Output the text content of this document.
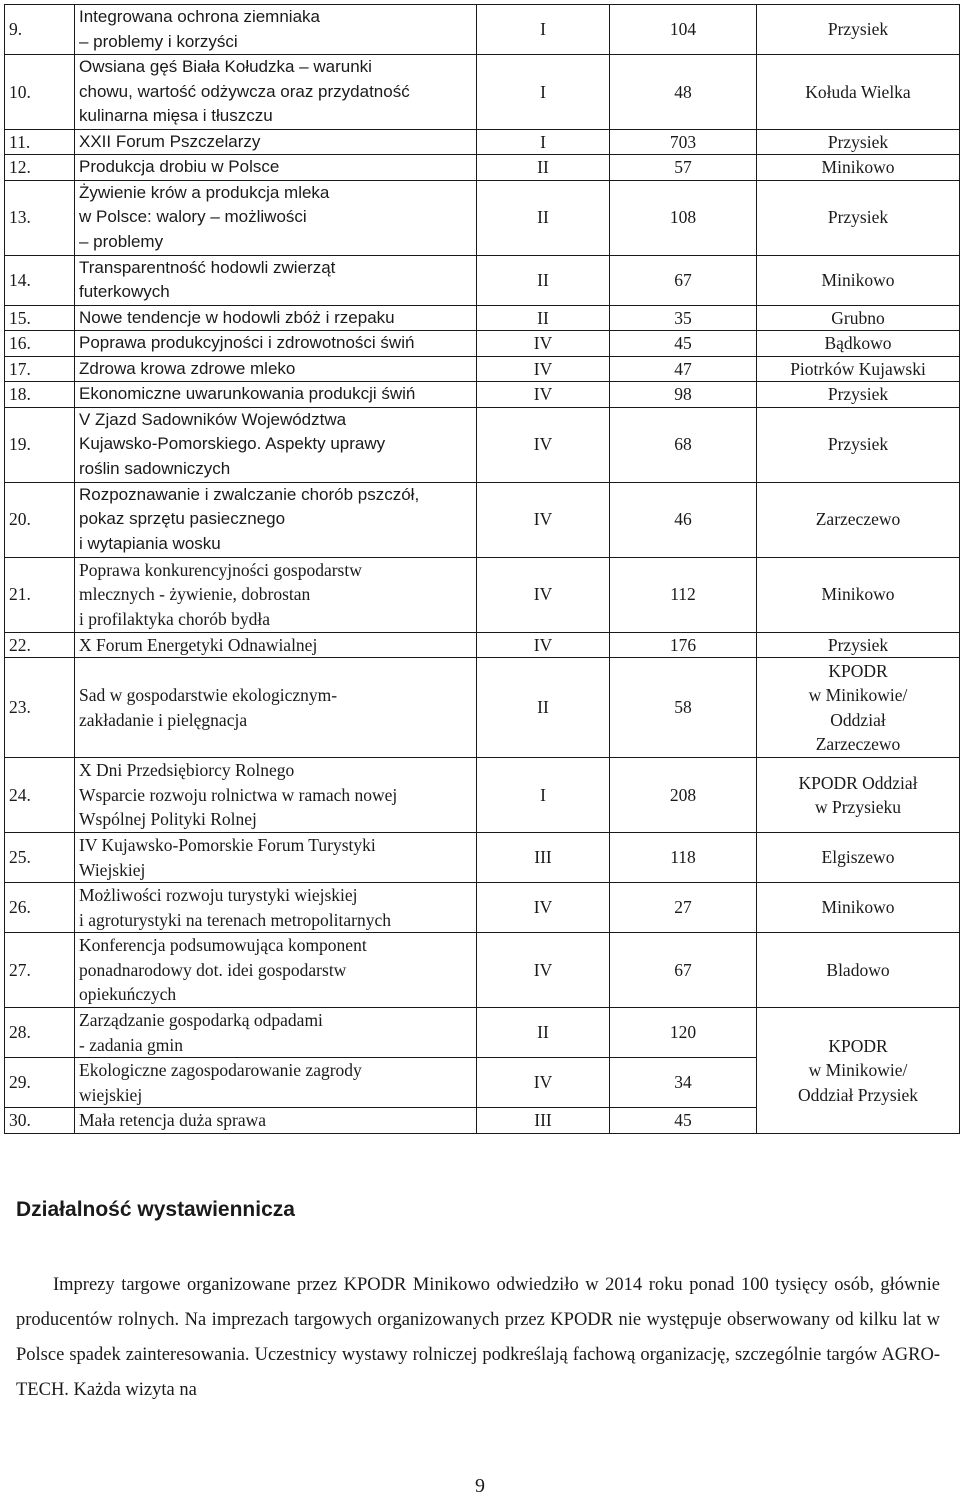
9.	Integrowana ochrona ziemniaka
– problemy i korzyści	I	104	Przysiek
10.	Owsiana gęś Biała Kołudzka – warunki
chowu, wartość odżywcza oraz przydatność
kulinarna mięsa i tłuszczu	I	48	Kołuda Wielka
11.	XXII Forum Pszczelarzy	I	703	Przysiek
12.	Produkcja drobiu w Polsce	II	57	Minikowo
13.	Żywienie krów a produkcja mleka
w Polsce: walory – możliwości
– problemy	II	108	Przysiek
14.	Transparentność hodowli zwierząt
futerkowych	II	67	Minikowo
15.	Nowe tendencje w hodowli zbóż i rzepaku	II	35	Grubno
16.	Poprawa produkcyjności i zdrowotności świń	IV	45	Bądkowo
17.	Zdrowa krowa zdrowe mleko	IV	47	Piotrków Kujawski
18.	Ekonomiczne uwarunkowania produkcji świń	IV	98	Przysiek
19.	V Zjazd Sadowników Województwa
Kujawsko-Pomorskiego. Aspekty uprawy
roślin sadowniczych	IV	68	Przysiek
20.	Rozpoznawanie i zwalczanie chorób pszczół,
pokaz sprzętu pasiecznego
i wytapiania wosku	IV	46	Zarzeczewo
21.	Poprawa konkurencyjności gospodarstw
mlecznych - żywienie, dobrostan
i profilaktyka chorób bydła	IV	112	Minikowo
22.	X Forum Energetyki Odnawialnej	IV	176	Przysiek
23.	Sad w gospodarstwie ekologicznym-
zakładanie i pielęgnacja	II	58	KPODR
w Minikowie/
Oddział
Zarzeczewo
24.	X Dni Przedsiębiorcy Rolnego
Wsparcie rozwoju rolnictwa w ramach nowej
Wspólnej Polityki Rolnej	I	208	KPODR Oddział
w Przysieku
25.	IV Kujawsko-Pomorskie Forum Turystyki
Wiejskiej	III	118	Elgiszewo
26.	Możliwości rozwoju turystyki wiejskiej
i agroturystyki na terenach metropolitarnych	IV	27	Minikowo
27.	Konferencja podsumowująca komponent
ponadnarodowy dot. idei gospodarstw
opiekuńczych	IV	67	Bladowo
28.	Zarządzanie gospodarką odpadami
- zadania gmin	II	120	KPODR
w Minikowie/
Oddział Przysiek
29.	Ekologiczne zagospodarowanie zagrody
wiejskiej	IV	34	
30.	Mała retencja duża sprawa	III	45	
Działalność wystawiennicza

Imprezy targowe organizowane przez KPODR Minikowo odwiedziło w 2014 roku ponad 100 tysięcy osób, głównie producentów rolnych. Na imprezach targowych organizowanych przez KPODR nie występuje obserwowany od kilku lat w Polsce spadek zainteresowania. Uczestnicy wystawy rolniczej podkreślają fachową organizację, szczególnie targów AGRO-TECH. Każda wizyta na

9
